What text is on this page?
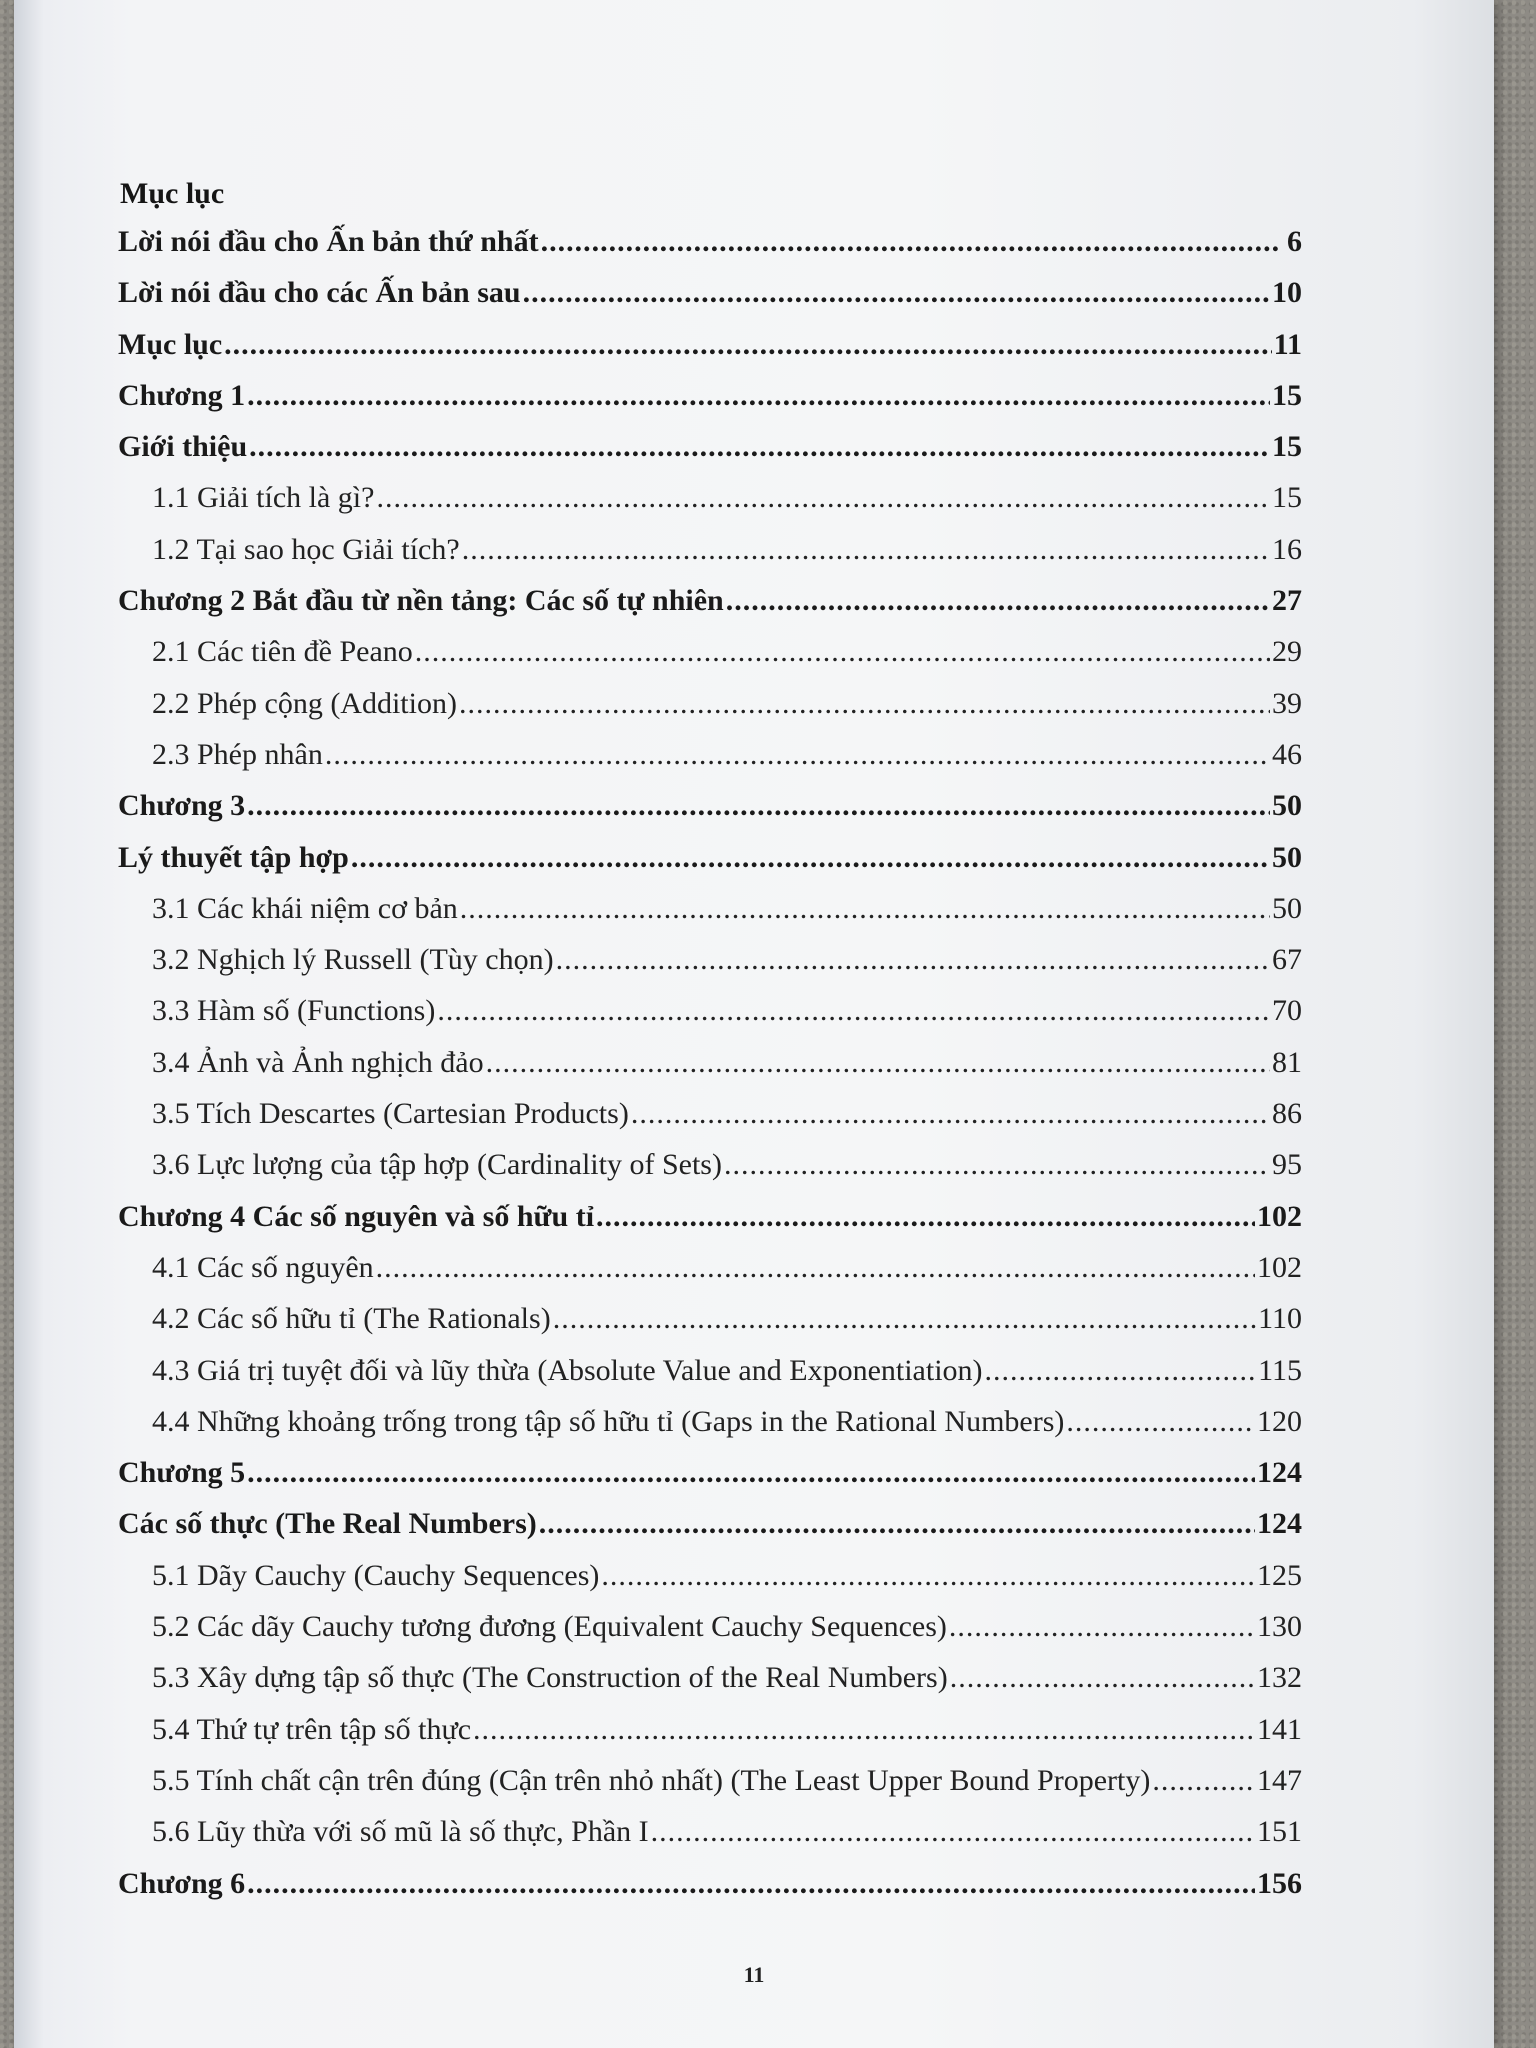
Mục lục
Lời nói đầu cho Ấn bản thứ nhất .....	6
Lời nói đầu cho các Ấn bản sau .....	10
Mục lục .....	11
Chương 1 .....	15
Giới thiệu .....	15
1.1 Giải tích là gì? .....	15
1.2 Tại sao học Giải tích? .....	16
Chương 2 Bắt đầu từ nền tảng: Các số tự nhiên .....	27
2.1 Các tiên đề Peano .....	29
2.2 Phép cộng (Addition) .....	39
2.3 Phép nhân .....	46
Chương 3 .....	50
Lý thuyết tập hợp .....	50
3.1 Các khái niệm cơ bản .....	50
3.2 Nghịch lý Russell (Tùy chọn) .....	67
3.3 Hàm số (Functions) .....	70
3.4 Ảnh và Ảnh nghịch đảo .....	81
3.5 Tích Descartes (Cartesian Products) .....	86
3.6 Lực lượng của tập hợp (Cardinality of Sets) .....	95
Chương 4 Các số nguyên và số hữu tỉ .....	102
4.1 Các số nguyên .....	102
4.2 Các số hữu tỉ (The Rationals) .....	110
4.3 Giá trị tuyệt đối và lũy thừa (Absolute Value and Exponentiation) .....	115
4.4 Những khoảng trống trong tập số hữu tỉ (Gaps in the Rational Numbers) .....	120
Chương 5 .....	124
Các số thực (The Real Numbers) .....	124
5.1 Dãy Cauchy (Cauchy Sequences) .....	125
5.2 Các dãy Cauchy tương đương (Equivalent Cauchy Sequences) .....	130
5.3 Xây dựng tập số thực (The Construction of the Real Numbers) .....	132
5.4 Thứ tự trên tập số thực .....	141
5.5 Tính chất cận trên đúng (Cận trên nhỏ nhất) (The Least Upper Bound Property) .....	147
5.6 Lũy thừa với số mũ là số thực, Phần I .....	151
Chương 6 .....	156
11
